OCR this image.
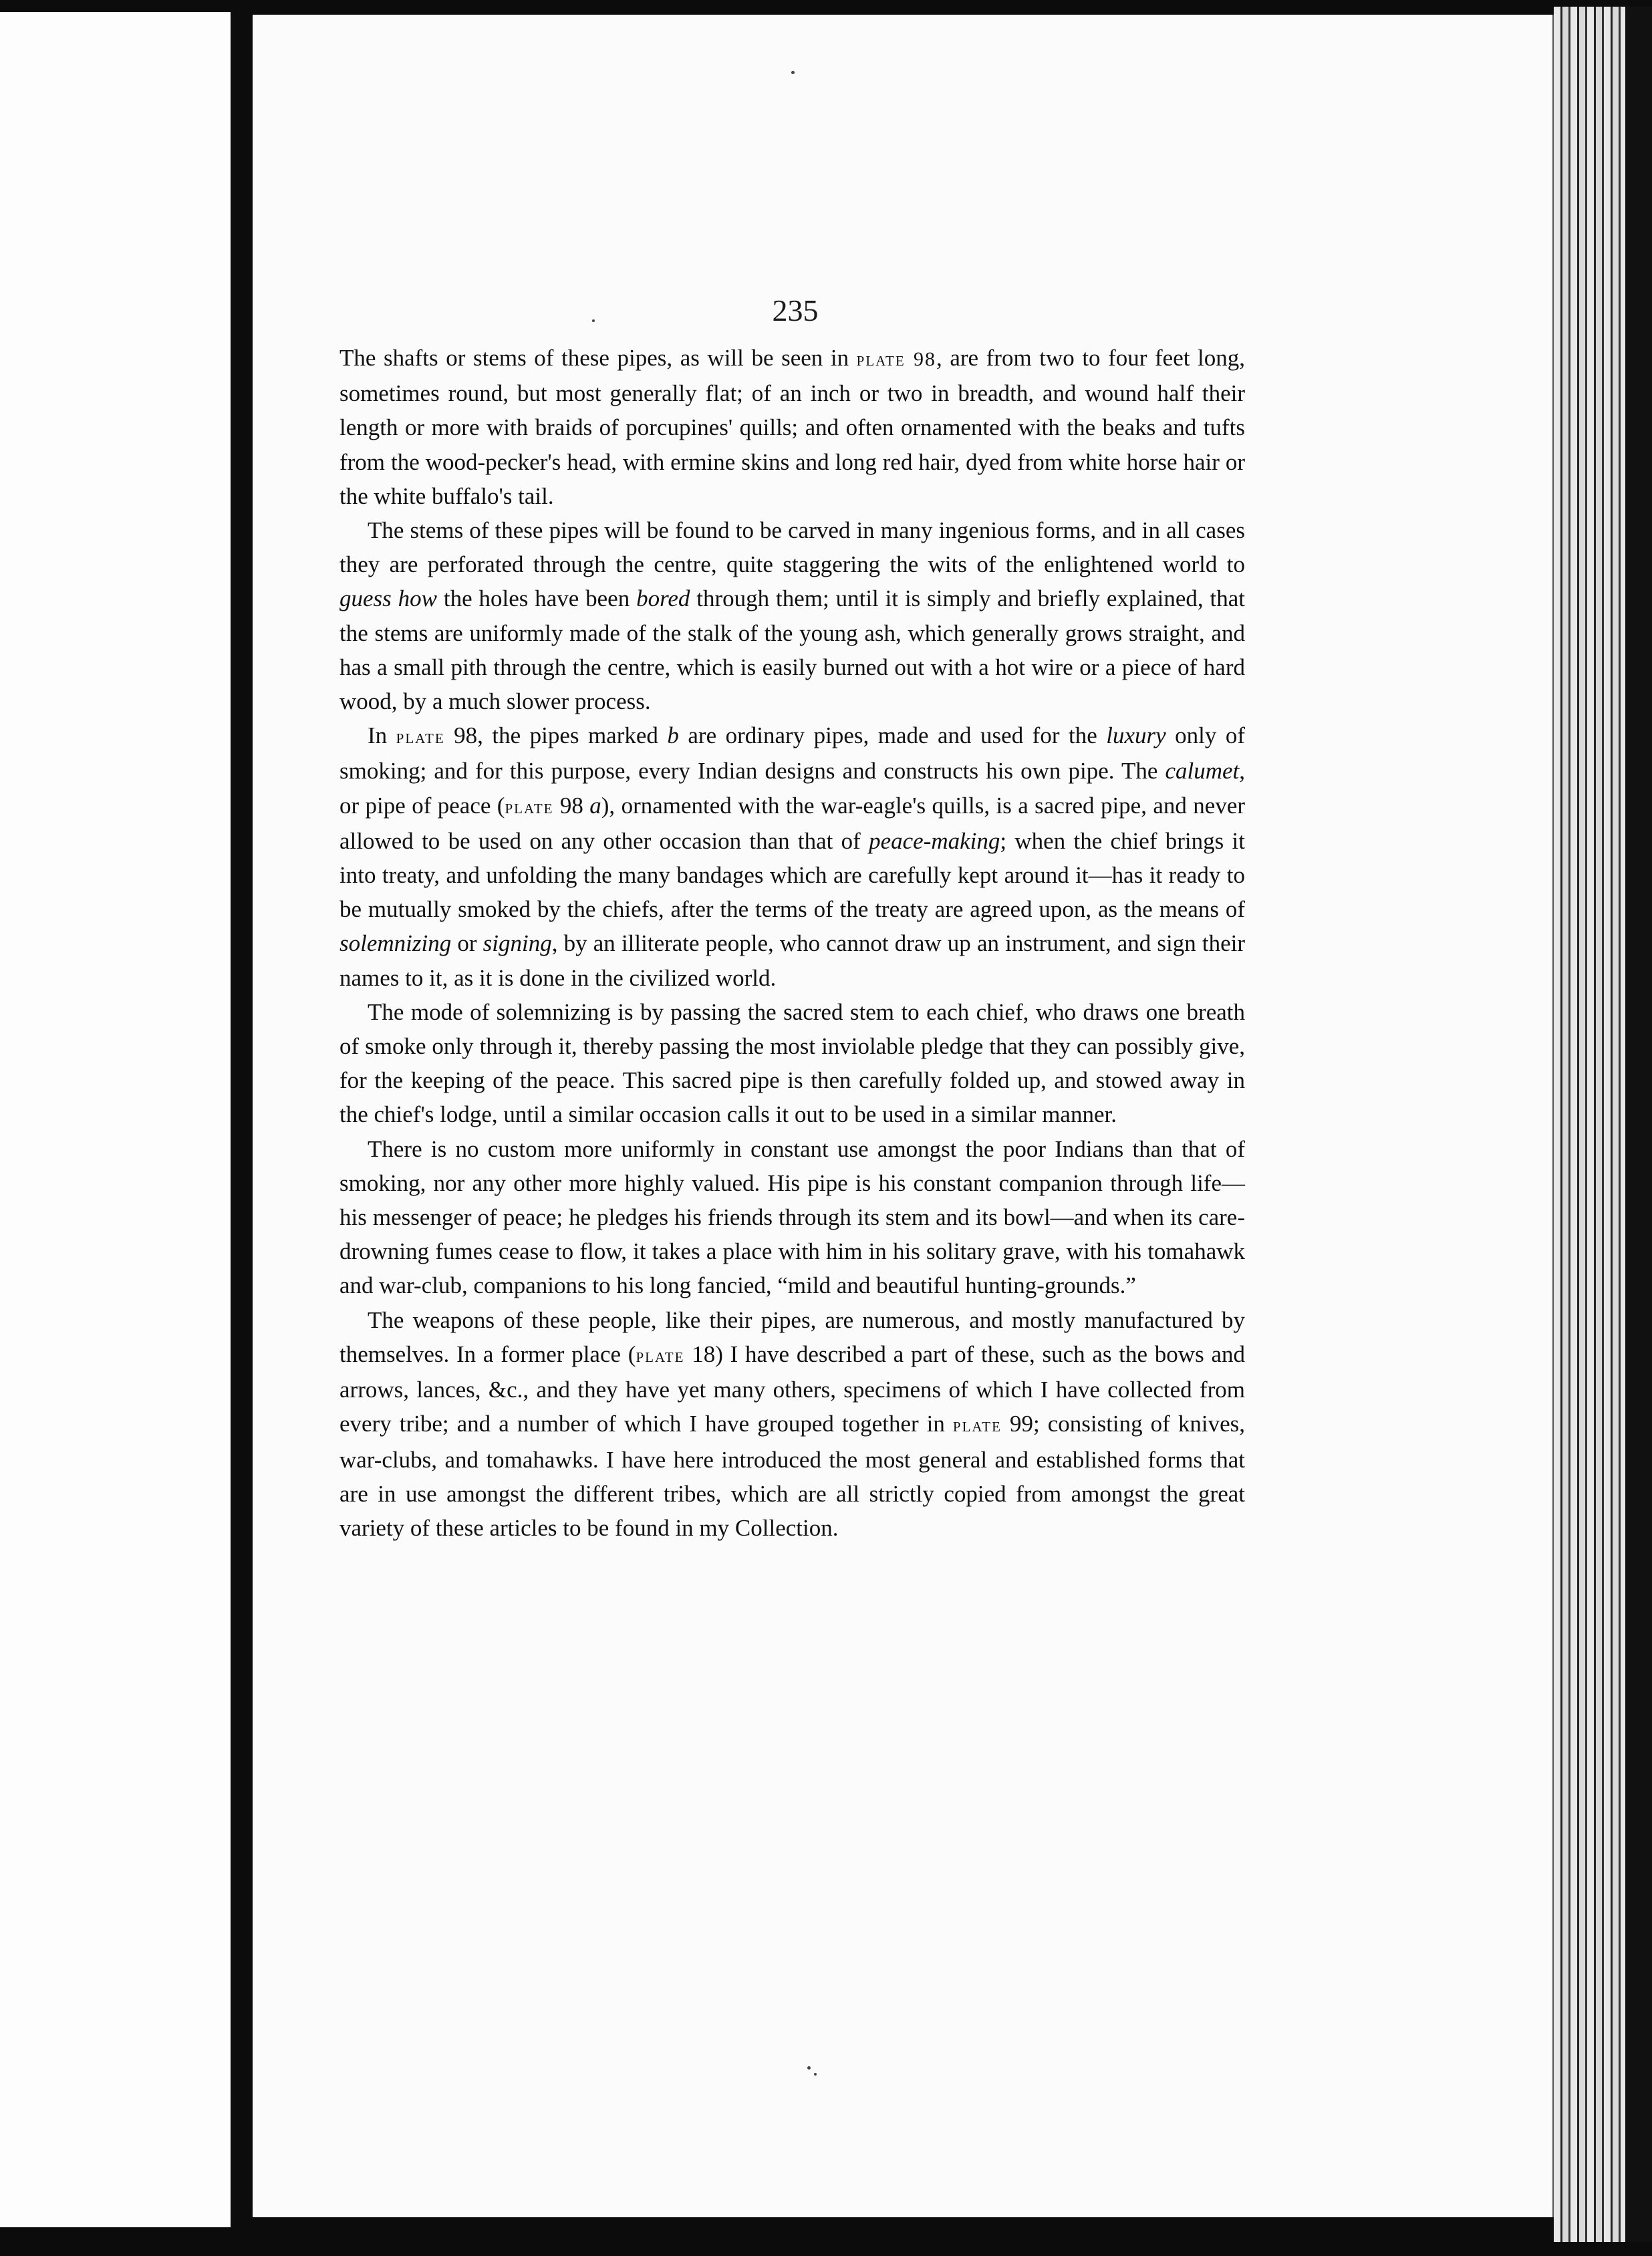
235

The shafts or stems of these pipes, as will be seen in plate 98, are from two to four feet long, sometimes round, but most generally flat; of an inch or two in breadth, and wound half their length or more with braids of porcupines' quills; and often ornamented with the beaks and tufts from the wood-pecker's head, with ermine skins and long red hair, dyed from white horse hair or the white buffalo's tail.

The stems of these pipes will be found to be carved in many ingenious forms, and in all cases they are perforated through the centre, quite staggering the wits of the enlightened world to guess how the holes have been bored through them; until it is simply and briefly explained, that the stems are uniformly made of the stalk of the young ash, which generally grows straight, and has a small pith through the centre, which is easily burned out with a hot wire or a piece of hard wood, by a much slower process.

In plate 98, the pipes marked b are ordinary pipes, made and used for the luxury only of smoking; and for this purpose, every Indian designs and constructs his own pipe. The calumet, or pipe of peace (plate 98 a), ornamented with the war-eagle's quills, is a sacred pipe, and never allowed to be used on any other occasion than that of peace-making; when the chief brings it into treaty, and unfolding the many bandages which are carefully kept around it—has it ready to be mutually smoked by the chiefs, after the terms of the treaty are agreed upon, as the means of solemnizing or signing, by an illiterate people, who cannot draw up an instrument, and sign their names to it, as it is done in the civilized world.

The mode of solemnizing is by passing the sacred stem to each chief, who draws one breath of smoke only through it, thereby passing the most inviolable pledge that they can possibly give, for the keeping of the peace. This sacred pipe is then carefully folded up, and stowed away in the chief's lodge, until a similar occasion calls it out to be used in a similar manner.

There is no custom more uniformly in constant use amongst the poor Indians than that of smoking, nor any other more highly valued. His pipe is his constant companion through life—his messenger of peace; he pledges his friends through its stem and its bowl—and when its care-drowning fumes cease to flow, it takes a place with him in his solitary grave, with his tomahawk and war-club, companions to his long fancied, “mild and beautiful hunting-grounds.”

The weapons of these people, like their pipes, are numerous, and mostly manufactured by themselves. In a former place (plate 18) I have described a part of these, such as the bows and arrows, lances, &c., and they have yet many others, specimens of which I have collected from every tribe; and a number of which I have grouped together in plate 99; consisting of knives, war-clubs, and tomahawks. I have here introduced the most general and established forms that are in use amongst the different tribes, which are all strictly copied from amongst the great variety of these articles to be found in my Collection.
